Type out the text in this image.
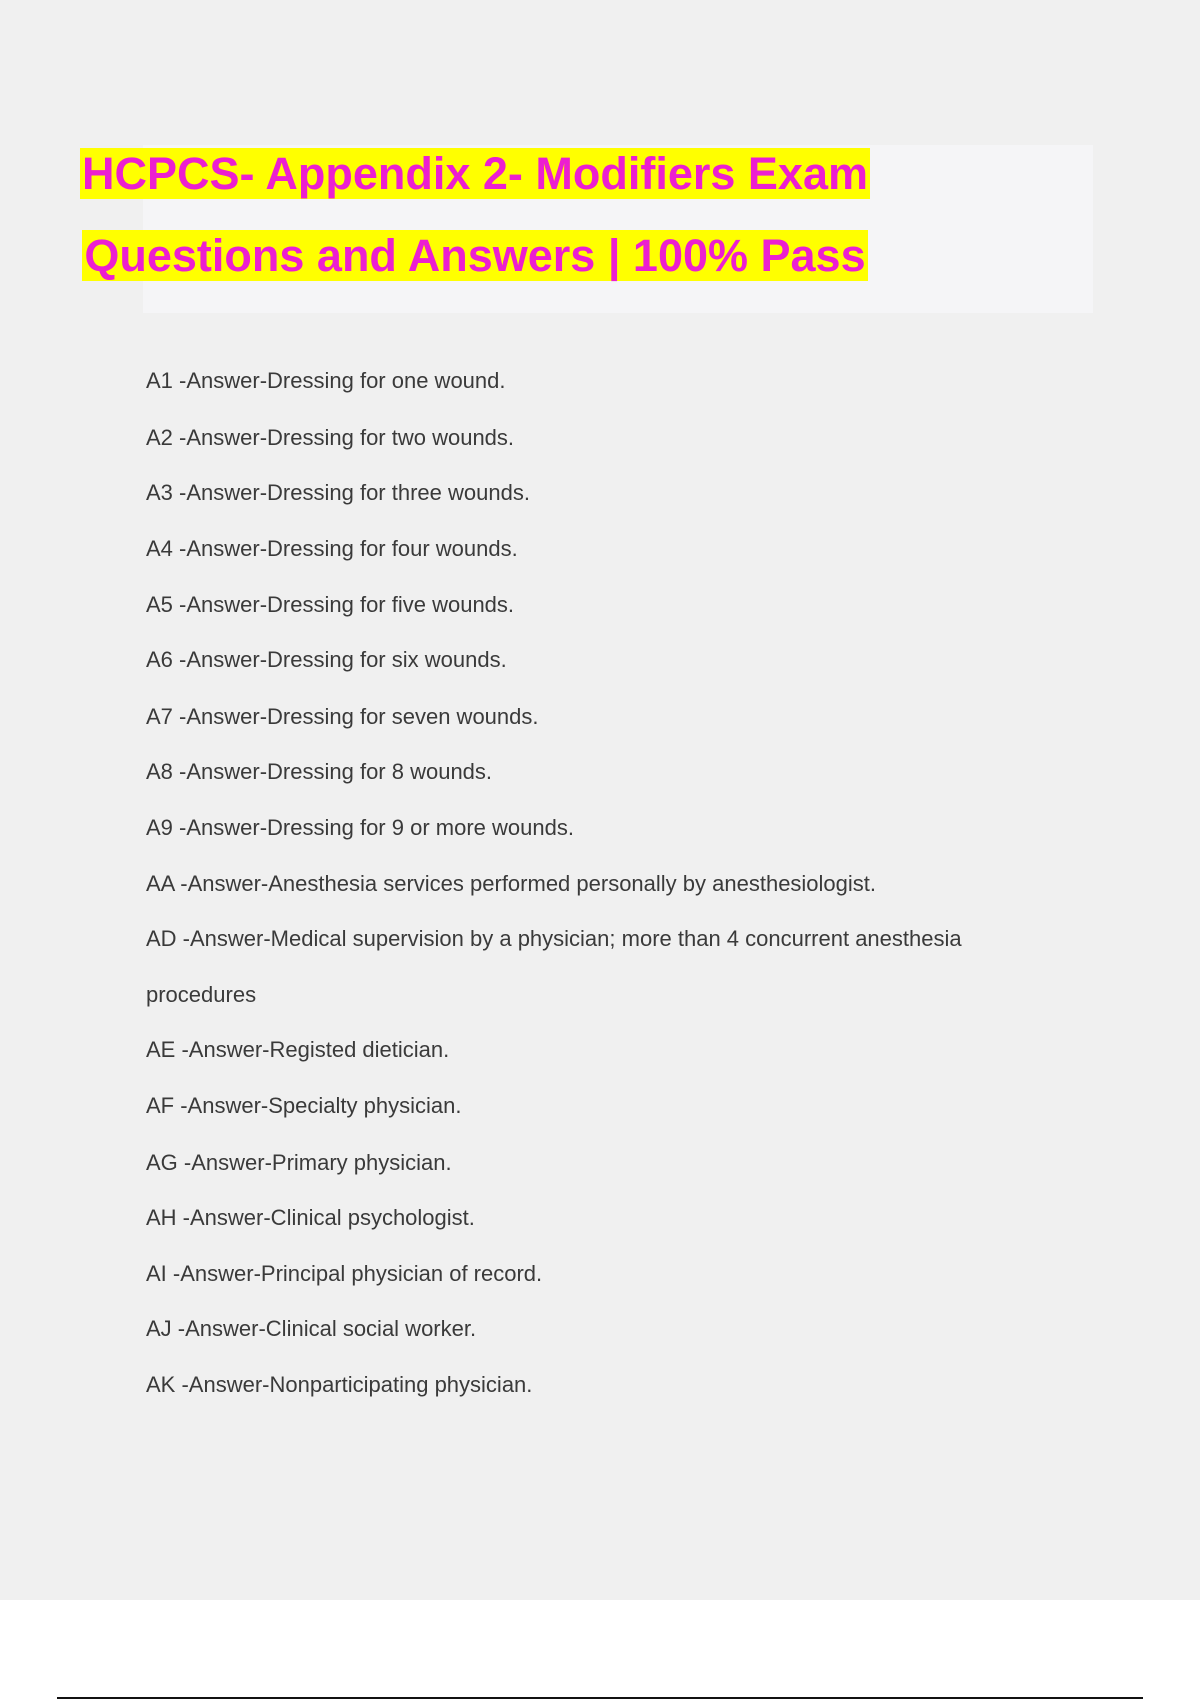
HCPCS- Appendix 2- Modifiers Exam
Questions and Answers | 100% Pass
A1 -Answer-Dressing for one wound.
A2 -Answer-Dressing for two wounds.
A3 -Answer-Dressing for three wounds.
A4 -Answer-Dressing for four wounds.
A5 -Answer-Dressing for five wounds.
A6 -Answer-Dressing for six wounds.
A7 -Answer-Dressing for seven wounds.
A8 -Answer-Dressing for 8 wounds.
A9 -Answer-Dressing for 9 or more wounds.
AA -Answer-Anesthesia services performed personally by anesthesiologist.
AD -Answer-Medical supervision by a physician; more than 4 concurrent anesthesia
procedures
AE -Answer-Registed dietician.
AF -Answer-Specialty physician.
AG -Answer-Primary physician.
AH -Answer-Clinical psychologist.
AI -Answer-Principal physician of record.
AJ -Answer-Clinical social worker.
AK -Answer-Nonparticipating physician.
